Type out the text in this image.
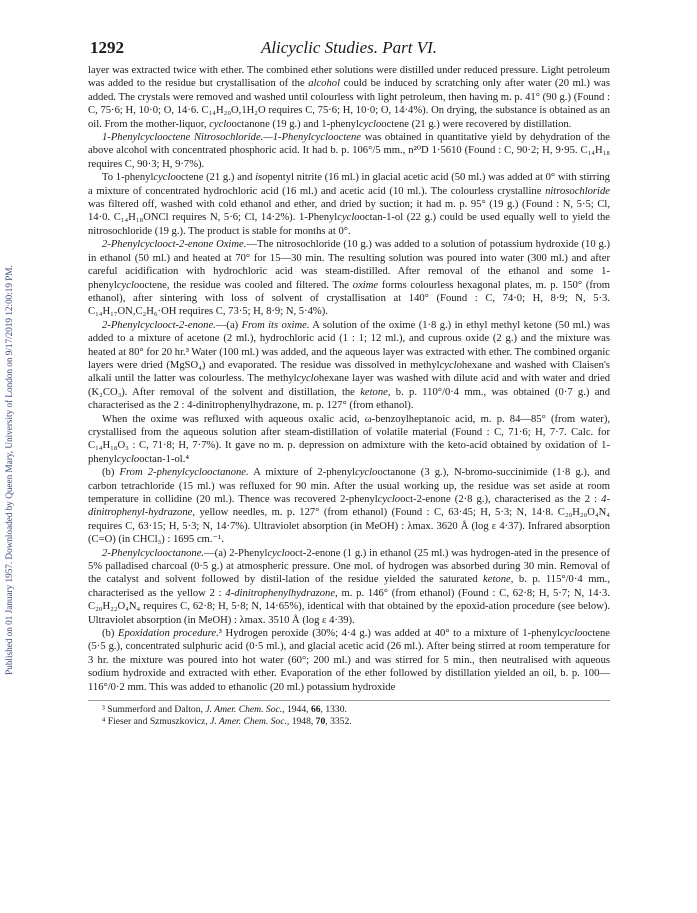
Published on 01 January 1957. Downloaded by Queen Mary, University of London on 9/17/2019 12:00:19 PM.
1292	Alicyclic Studies. Part VI.

layer was extracted twice with ether. The combined ether solutions were distilled under reduced pressure. Light petroleum was added to the residue but crystallisation of the alcohol could be induced by scratching only after water (20 ml.) was added. The crystals were removed and washed until colourless with light petroleum, then having m. p. 41° (90 g.) (Found : C, 75·6; H, 10·0; O, 14·6. C₁₄H₂₀O,1H₂O requires C, 75·6; H, 10·0; O, 14·4%). On drying, the substance is obtained as an oil. From the mother-liquor, cyclooctanone (19 g.) and 1-phenylcyclooctene (21 g.) were recovered by distillation.

1-Phenylcyclooctene Nitrosochloride.—1-Phenylcyclooctene was obtained in quantitative yield by dehydration of the above alcohol with concentrated phosphoric acid. It had b. p. 106°/5 mm., n²⁰D 1·5610 (Found : C, 90·2; H, 9·95. C₁₄H₁₈ requires C, 90·3; H, 9·7%).

To 1-phenylcyclooctene (21 g.) and isopentyl nitrite (16 ml.) in glacial acetic acid (50 ml.) was added at 0° with stirring a mixture of concentrated hydrochloric acid (16 ml.) and acetic acid (10 ml.). The colourless crystalline nitrosochloride was filtered off, washed with cold ethanol and ether, and dried by suction; it had m. p. 95° (19 g.) (Found : N, 5·5; Cl, 14·0. C₁₄H₁₈ONCl requires N, 5·6; Cl, 14·2%). 1-Phenylcyclooctan-1-ol (22 g.) could be used equally well to yield the nitrosochloride (19 g.). The product is stable for months at 0°.

2-Phenylcyclooct-2-enone Oxime.—The nitrosochloride (10 g.) was added to a solution of potassium hydroxide (10 g.) in ethanol (50 ml.) and heated at 70° for 15—30 min. The resulting solution was poured into water (300 ml.) and after careful acidification with hydrochloric acid was steam-distilled. After removal of the ethanol and some 1-phenylcyclooctene, the residue was cooled and filtered. The oxime forms colourless hexagonal plates, m. p. 150° (from ethanol), after sintering with loss of solvent of crystallisation at 140° (Found : C, 74·0; H, 8·9; N, 5·3. C₁₄H₁₇ON,C₂H₆·OH requires C, 73·5; H, 8·9; N, 5·4%).

2-Phenylcyclooct-2-enone.—(a) From its oxime. A solution of the oxime (1·8 g.) in ethyl methyl ketone (50 ml.) was added to a mixture of acetone (2 ml.), hydrochloric acid (1 : 1; 12 ml.), and cuprous oxide (2 g.) and the mixture was heated at 80° for 20 hr.³ Water (100 ml.) was added, and the aqueous layer was extracted with ether. The combined organic layers were dried (MgSO₄) and evaporated. The residue was dissolved in methylcyclohexane and washed with Claisen's alkali until the latter was colourless. The methylcyclohexane layer was washed with dilute acid and with water and dried (K₂CO₃). After removal of the solvent and distillation, the ketone, b. p. 110°/0·4 mm., was obtained (0·7 g.) and characterised as the 2 : 4-dinitrophenylhydrazone, m. p. 127° (from ethanol).

When the oxime was refluxed with aqueous oxalic acid, ω-benzoylheptanoic acid, m. p. 84—85° (from water), crystallised from the aqueous solution after steam-distillation of volatile material (Found : C, 71·6; H, 7·7. Calc. for C₁₄H₁₈O₃ : C, 71·8; H, 7·7%). It gave no m. p. depression on admixture with the keto-acid obtained by oxidation of 1-phenylcyclooctan-1-ol.⁴

(b) From 2-phenylcyclooctanone. A mixture of 2-phenylcyclooctanone (3 g.), N-bromo-succinimide (1·8 g.), and carbon tetrachloride (15 ml.) was refluxed for 90 min. After the usual working up, the residue was set aside at room temperature in collidine (20 ml.). Thence was recovered 2-phenylcyclooct-2-enone (2·8 g.), characterised as the 2 : 4-dinitrophenyl-hydrazone, yellow needles, m. p. 127° (from ethanol) (Found : C, 63·45; H, 5·3; N, 14·8. C₂₀H₂₀O₄N₄ requires C, 63·15; H, 5·3; N, 14·7%). Ultraviolet absorption (in MeOH) : λmax. 3620 Å (log ε 4·37). Infrared absorption (C=O) (in CHCl₃) : 1695 cm.⁻¹.

2-Phenylcyclooctanone.—(a) 2-Phenylcyclooct-2-enone (1 g.) in ethanol (25 ml.) was hydrogen-ated in the presence of 5% palladised charcoal (0·5 g.) at atmospheric pressure. One mol. of hydrogen was absorbed during 30 min. Removal of the catalyst and solvent followed by distil-lation of the residue yielded the saturated ketone, b. p. 115°/0·4 mm., characterised as the yellow 2 : 4-dinitrophenylhydrazone, m. p. 146° (from ethanol) (Found : C, 62·8; H, 5·7; N, 14·3. C₂₀H₂₂O₄N₄ requires C, 62·8; H, 5·8; N, 14·65%), identical with that obtained by the epoxid-ation procedure (see below). Ultraviolet absorption (in MeOH) : λmax. 3510 Å (log ε 4·39).

(b) Epoxidation procedure.³ Hydrogen peroxide (30%; 4·4 g.) was added at 40° to a mixture of 1-phenylcyclooctene (5·5 g.), concentrated sulphuric acid (0·5 ml.), and glacial acetic acid (26 ml.). After being stirred at room temperature for 3 hr. the mixture was poured into hot water (60°; 200 ml.) and was stirred for 5 min., then neutralised with aqueous sodium hydroxide and extracted with ether. Evaporation of the ether followed by distillation yielded an oil, b. p. 100—116°/0·2 mm. This was added to ethanolic (20 ml.) potassium hydroxide

³ Summerford and Dalton, J. Amer. Chem. Soc., 1944, 66, 1330.

⁴ Fieser and Szmuszkovicz, J. Amer. Chem. Soc., 1948, 70, 3352.
